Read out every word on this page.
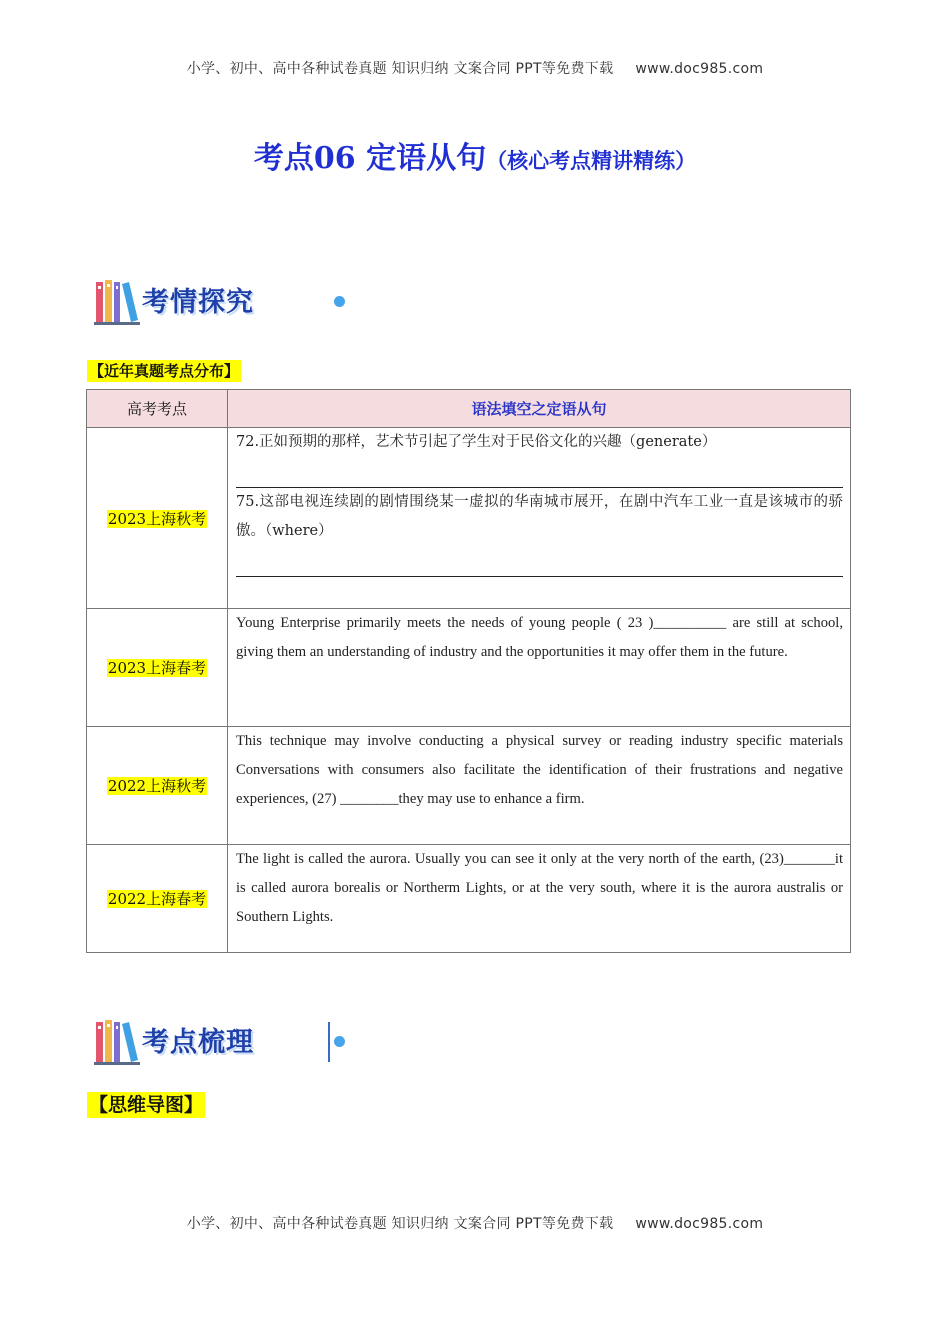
小学、初中、高中各种试卷真题 知识归纳 文案合同 PPT等免费下载 www.doc985.com
考点06 定语从句（核心考点精讲精练）
考情探究
【近年真题考点分布】
高考考点	语法填空之定语从句
2023上海秋考	72.正如预期的那样，艺术节引起了学生对于民俗文化的兴趣（generate）
75.这部电视连续剧的剧情围绕某一虚拟的华南城市展开，在剧中汽车工业一直是该城市的骄傲。（where）

2023上海春考	Young Enterprise primarily meets the needs of young people ( 23 )__________ are still at school, giving them an understanding of industry and the opportunities it may offer them in the future.

2022上海秋考	This technique may involve conducting a physical survey or reading industry specific materials Conversations with consumers also facilitate the identification of their frustrations and negative experiences, (27) ________they may use to enhance a firm.

2022上海春考	The light is called the aurora. Usually you can see it only at the very north of the earth, (23)_______it is called aurora borealis or Northerm Lights, or at the very south, where it is the aurora australis or Southern Lights.
考点梳理
【思维导图】
小学、初中、高中各种试卷真题 知识归纳 文案合同 PPT等免费下载 www.doc985.com
